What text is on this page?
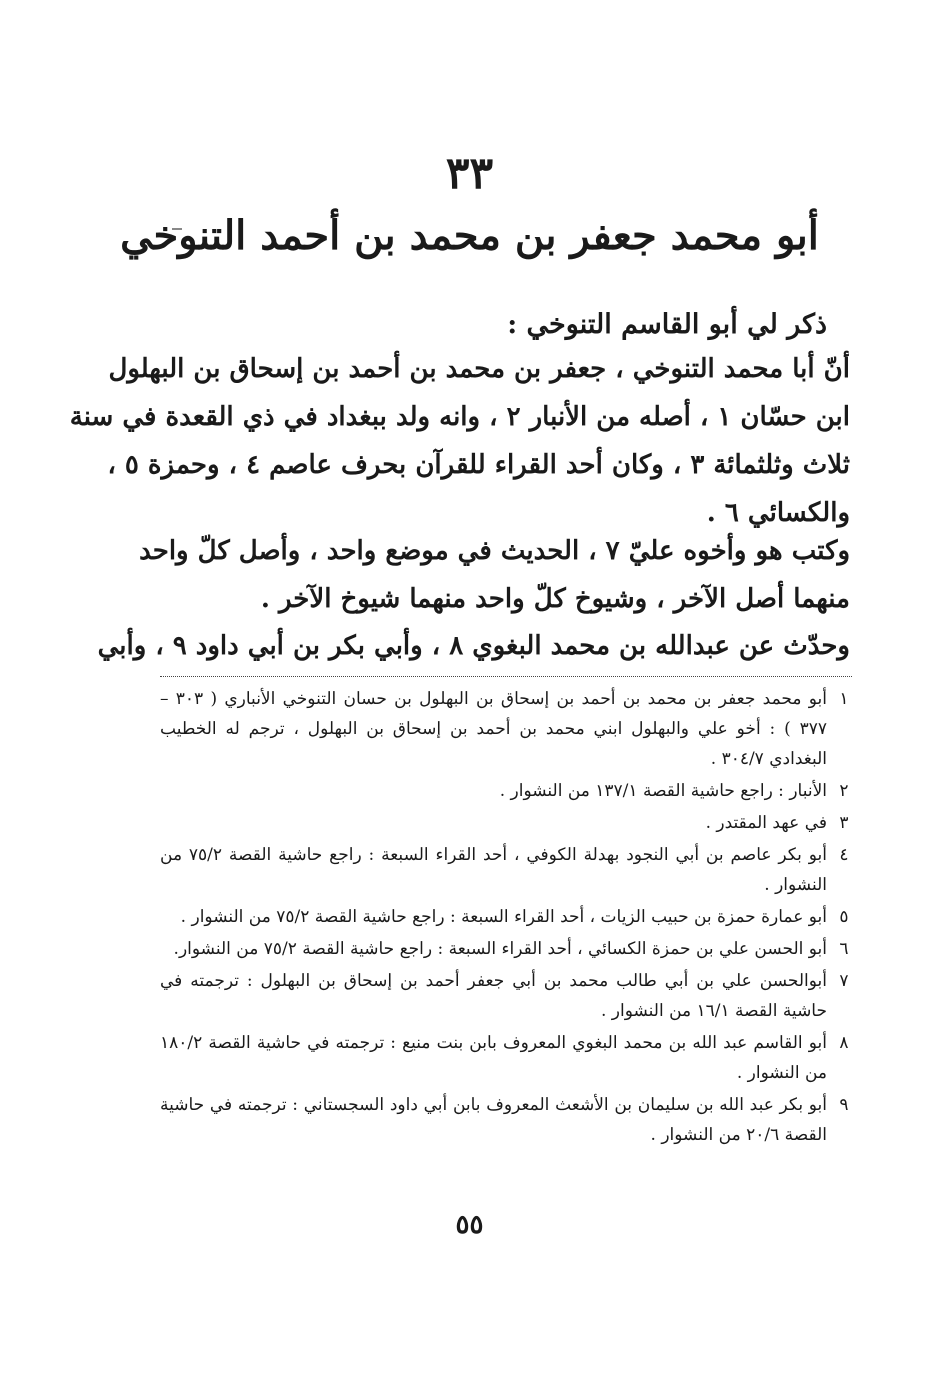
٣٣
أبو محمد جعفر بن محمد بن أحمد التنوخي
ذكر لي أبو القاسم التنوخي :
أنّ أبا محمد التنوخي ، جعفر بن محمد بن أحمد بن إسحاق بن البهلول
ابن حسّان ١ ، أصله من الأنبار ٢ ، وانه ولد ببغداد في ذي القعدة في سنة
ثلاث وثلثمائة ٣ ، وكان أحد القراء للقرآن بحرف عاصم ٤ ، وحمزة ٥ ،
والكسائي ٦ .
وكتب هو وأخوه عليّ ٧ ، الحديث في موضع واحد ، وأصل كلّ واحد
منهما أصل الآخر ، وشيوخ كلّ واحد منهما شيوخ الآخر .
وحدّث عن عبدالله بن محمد البغوي ٨ ، وأبي بكر بن أبي داود ٩ ، وأبي
١
أبو محمد جعفر بن محمد بن أحمد بن إسحاق بن البهلول بن حسان التنوخي الأنباري ( ٣٠٣ – ٣٧٧ ) : أخو علي والبهلول ابني محمد بن أحمد بن إسحاق بن البهلول ، ترجم له الخطيب البغدادي ٣٠٤/٧ .
٢
الأنبار : راجع حاشية القصة ١٣٧/١ من النشوار .
٣
في عهد المقتدر .
٤
أبو بكر عاصم بن أبي النجود بهدلة الكوفي ، أحد القراء السبعة : راجع حاشية القصة ٧٥/٢ من النشوار .
٥
أبو عمارة حمزة بن حبيب الزيات ، أحد القراء السبعة : راجع حاشية القصة ٧٥/٢ من النشوار .
٦
أبو الحسن علي بن حمزة الكسائي ، أحد القراء السبعة : راجع حاشية القصة ٧٥/٢ من النشوار.
٧
أبوالحسن علي بن أبي طالب محمد بن أبي جعفر أحمد بن إسحاق بن البهلول : ترجمته في حاشية القصة ١٦/١ من النشوار .
٨
أبو القاسم عبد الله بن محمد البغوي المعروف بابن بنت منيع : ترجمته في حاشية القصة ١٨٠/٢ من النشوار .
٩
أبو بكر عبد الله بن سليمان بن الأشعث المعروف بابن أبي داود السجستاني : ترجمته في حاشية القصة ٢٠/٦ من النشوار .
٥٥
